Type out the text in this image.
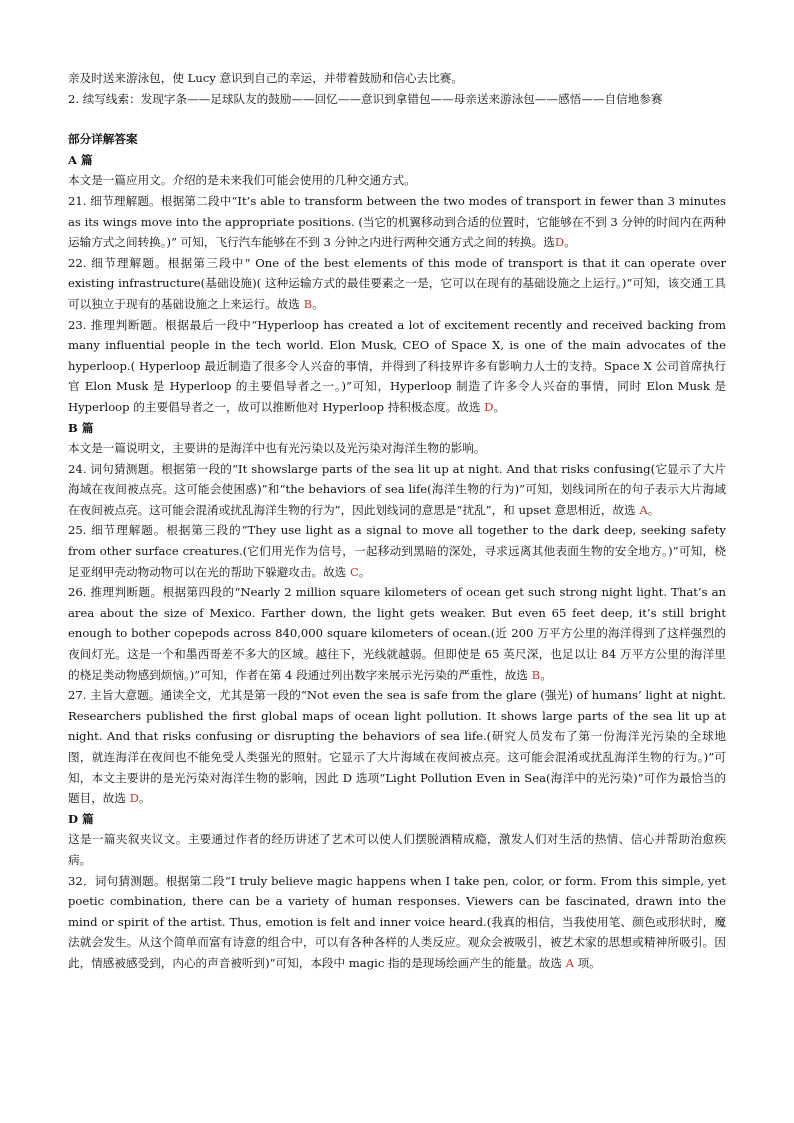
亲及时送来游泳包，使 Lucy 意识到自己的幸运，并带着鼓励和信心去比赛。

2. 续写线索：发现字条——足球队友的鼓励——回忆——意识到拿错包——母亲送来游泳包——感悟——自信地参赛

部分详解答案

A 篇

本文是一篇应用文。介绍的是未来我们可能会使用的几种交通方式。

21. 细节理解题。根据第二段中“It’s able to transform between the two modes of transport in fewer than 3 minutes as its wings move into the appropriate positions. (当它的机翼移动到合适的位置时，它能够在不到 3 分钟的时间内在两种运输方式之间转换。)” 可知，飞行汽车能够在不到 3 分钟之内进行两种交通方式之间的转换。选D。

22. 细节理解题。根据第三段中“ One of the best elements of this mode of transport is that it can operate over existing infrastructure(基础设施)( 这种运输方式的最佳要素之一是，它可以在现有的基础设施之上运行。)”可知，该交通工具可以独立于现有的基础设施之上来运行。故选 B。

23. 推理判断题。根据最后一段中“Hyperloop has created a lot of excitement recently and received backing from many influential people in the tech world. Elon Musk, CEO of Space X, is one of the main advocates of the hyperloop.( Hyperloop 最近制造了很多令人兴奋的事情，并得到了科技界许多有影响力人士的支持。Space X 公司首席执行官 Elon Musk 是 Hyperloop 的主要倡导者之一。)”可知，Hyperloop 制造了许多令人兴奋的事情，同时 Elon Musk 是 Hyperloop 的主要倡导者之一，故可以推断他对 Hyperloop 持积极态度。故选 D。

B 篇

本文是一篇说明文，主要讲的是海洋中也有光污染以及光污染对海洋生物的影响。

24. 词句猜测题。根据第一段的“It showslarge parts of the sea lit up at night. And that risks confusing(它显示了大片海域在夜间被点亮。这可能会使困惑)”和“the behaviors of sea life(海洋生物的行为)”可知，划线词所在的句子表示大片海域在夜间被点亮。这可能会混淆或扰乱海洋生物的行为”，因此划线词的意思是“扰乱”，和 upset 意思相近，故选 A。

25. 细节理解题。根据第三段的“They use light as a signal to move all together to the dark deep, seeking safety from other surface creatures.(它们用光作为信号，一起移动到黑暗的深处，寻求远离其他表面生物的安全地方。)”可知，桡足亚纲甲壳动物动物可以在光的帮助下躲避攻击。故选 C。

26. 推理判断题。根据第四段的“Nearly 2 million square kilometers of ocean get such strong night light. That’s an area about the size of Mexico. Farther down, the light gets weaker. But even 65 feet deep, it’s still bright enough to bother copepods across 840,000 square kilometers of ocean.(近 200 万平方公里的海洋得到了这样强烈的夜间灯光。这是一个和墨西哥差不多大的区域。越往下，光线就越弱。但即使是 65 英尺深，也足以让 84 万平方公里的海洋里的桡足类动物感到烦恼。)”可知，作者在第 4 段通过列出数字来展示光污染的严重性，故选 B。

27. 主旨大意题。通读全文，尤其是第一段的“Not even the sea is safe from the glare (强光) of humans’ light at night. Researchers published the first global maps of ocean light pollution. It shows large parts of the sea lit up at night. And that risks confusing or disrupting the behaviors of sea life.(研究人员发布了第一份海洋光污染的全球地图，就连海洋在夜间也不能免受人类强光的照射。它显示了大片海域在夜间被点亮。这可能会混淆或扰乱海洋生物的行为。)”可知，本文主要讲的是光污染对海洋生物的影响，因此 D 选项“Light Pollution Even in Sea(海洋中的光污染)”可作为最恰当的题目，故选 D。

D 篇

这是一篇夹叙夹议文。主要通过作者的经历讲述了艺术可以使人们摆脱酒精成瘾，激发人们对生活的热情、信心并帮助治愈疾病。

32．词句猜测题。根据第二段“I truly believe magic happens when I take pen, color, or form. From this simple, yet poetic combination, there can be a variety of human responses. Viewers can be fascinated, drawn into the mind or spirit of the artist. Thus, emotion is felt and inner voice heard.(我真的相信，当我使用笔、颜色或形状时，魔法就会发生。从这个简单而富有诗意的组合中，可以有各种各样的人类反应。观众会被吸引，被艺术家的思想或精神所吸引。因此，情感被感受到，内心的声音被听到)”可知，本段中 magic 指的是现场绘画产生的能量。故选 A 项。
